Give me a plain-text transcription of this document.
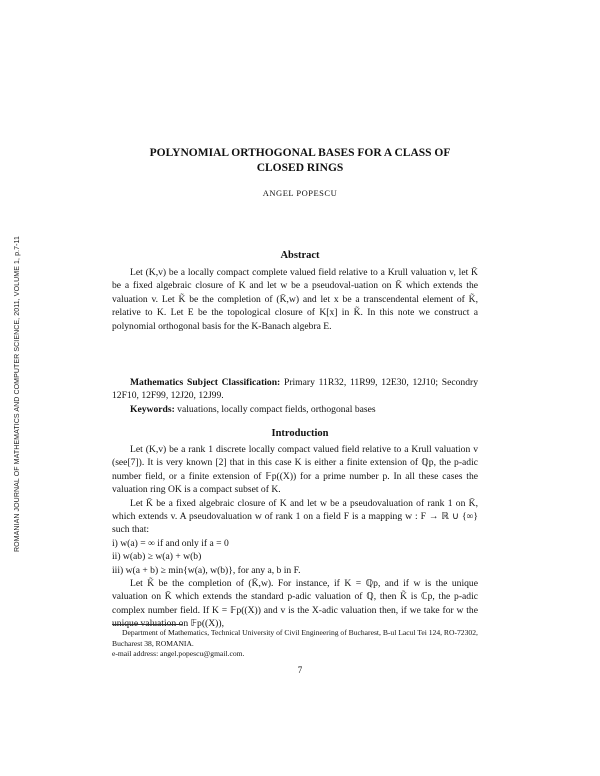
ROMANIAN JOURNAL OF MATHEMATICS AND COMPUTER SCIENCE, 2011, VOLUME 1, p.7-11
POLYNOMIAL ORTHOGONAL BASES FOR A CLASS OF
CLOSED RINGS
ANGEL POPESCU
Abstract

Let (K,v) be a locally compact complete valued field relative to a Krull valuation v, let K̄ be a fixed algebraic closure of K and let w be a pseudoval-uation on K̄ which extends the valuation v. Let K̃ be the completion of (K̄,w) and let x be a transcendental element of K̃, relative to K. Let E be the topological closure of K[x] in K̃. In this note we construct a polynomial orthogonal basis for the K-Banach algebra E.

Mathematics Subject Classification: Primary 11R32, 11R99, 12E30, 12J10; Secondry 12F10, 12F99, 12J20, 12J99.

Keywords: valuations, locally compact fields, orthogonal bases

Introduction

Let (K,v) be a rank 1 discrete locally compact valued field relative to a Krull valuation v (see[7]). It is very known [2] that in this case K is either a finite extension of ℚp, the p-adic number field, or a finite extension of 𝔽p((X)) for a prime number p. In all these cases the valuation ring OK is a compact subset of K.

Let K̄ be a fixed algebraic closure of K and let w be a pseudovaluation of rank 1 on K̄, which extends v. A pseudovaluation w of rank 1 on a field F is a mapping w : F → ℝ ∪ {∞} such that:

i) w(a) = ∞ if and only if a = 0

ii) w(ab) ≥ w(a) + w(b)

iii) w(a + b) ≥ min{w(a), w(b)}, for any a, b in F.

Let K̃ be the completion of (K̄,w). For instance, if K = ℚp, and if w is the unique valuation on K̄ which extends the standard p-adic valuation of ℚ, then K̃ is ℂp, the p-adic complex number field. If K = 𝔽p((X)) and v is the X-adic valuation then, if we take for w the unique valuation on 𝔽p((X)),

Department of Mathematics, Technical University of Civil Engineering of Bucharest, B-ul Lacul Tei 124, RO-72302, Bucharest 38, ROMANIA.

e-mail address: angel.popescu@gmail.com.

7
